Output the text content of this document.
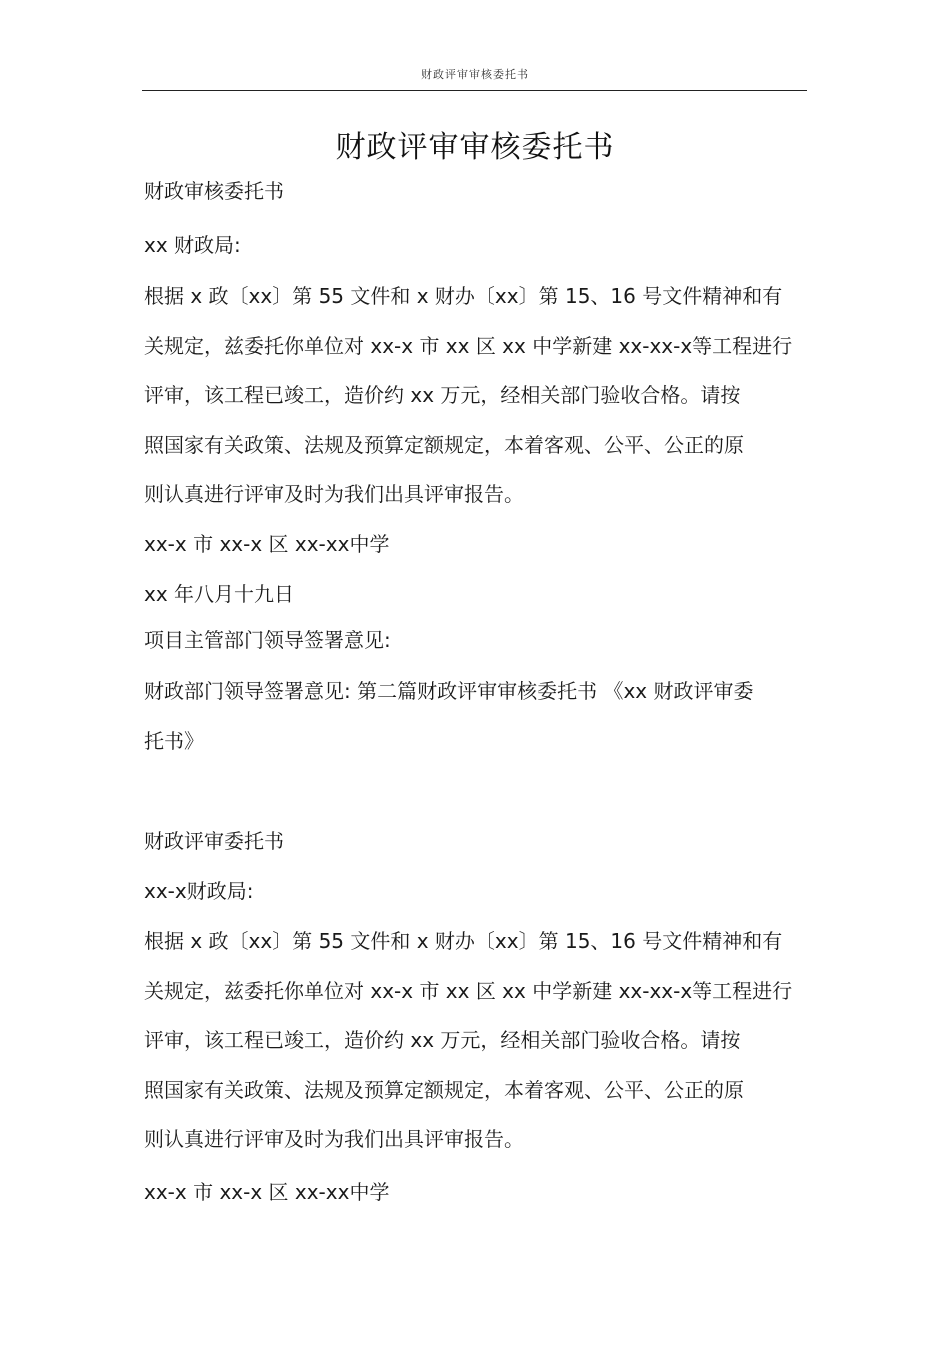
财政评审审核委托书
财政评审审核委托书

财政审核委托书

xx 财政局:

根据 x 政〔xx〕第 55 文件和 x 财办〔xx〕第 15、16 号文件精神和有
关规定，兹委托你单位对 xx-x 市 xx 区 xx 中学新建 xx-xx-x等工程进行
评审，该工程已竣工，造价约 xx 万元，经相关部门验收合格。请按
照国家有关政策、法规及预算定额规定，本着客观、公平、公正的原
则认真进行评审及时为我们出具评审报告。

xx-x 市 xx-x 区 xx-xx中学

xx 年八月十九日

项目主管部门领导签署意见:

财政部门领导签署意见: 第二篇财政评审审核委托书 《xx 财政评审委
托书》

财政评审委托书

xx-x财政局:

根据 x 政〔xx〕第 55 文件和 x 财办〔xx〕第 15、16 号文件精神和有
关规定，兹委托你单位对 xx-x 市 xx 区 xx 中学新建 xx-xx-x等工程进行
评审，该工程已竣工，造价约 xx 万元，经相关部门验收合格。请按
照国家有关政策、法规及预算定额规定，本着客观、公平、公正的原
则认真进行评审及时为我们出具评审报告。

xx-x 市 xx-x 区 xx-xx中学
